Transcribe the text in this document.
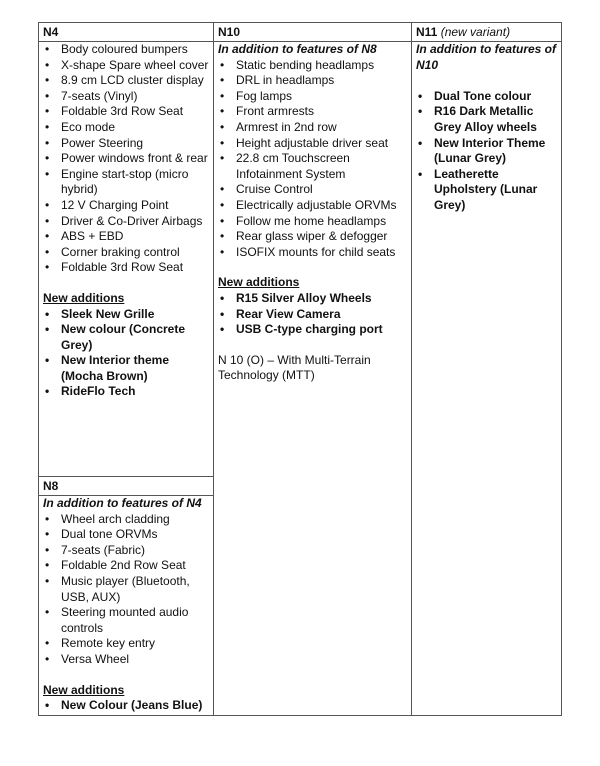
N4
• Body coloured bumpers
• X-shape Spare wheel cover
• 8.9 cm LCD cluster display
• 7-seats (Vinyl)
• Foldable 3rd Row Seat
• Eco mode
• Power Steering
• Power windows front & rear
• Engine start-stop (micro hybrid)
• 12 V Charging Point
• Driver & Co-Driver Airbags
• ABS + EBD
• Corner braking control
• Foldable 3rd Row Seat
New additions
• Sleek New Grille
• New colour (Concrete Grey)
• New Interior theme (Mocha Brown)
• RideFlo Tech
N8
In addition to features of N4
• Wheel arch cladding
• Dual tone ORVMs
• 7-seats (Fabric)
• Foldable 2nd Row Seat
• Music player (Bluetooth, USB, AUX)
• Steering mounted audio controls
• Remote key entry
• Versa Wheel
New additions
• New Colour (Jeans Blue)
N10
In addition to features of N8
• Static bending headlamps
• DRL in headlamps
• Fog lamps
• Front armrests
• Armrest in 2nd row
• Height adjustable driver seat
• 22.8 cm Touchscreen Infotainment System
• Cruise Control
• Electrically adjustable ORVMs
• Follow me home headlamps
• Rear glass wiper & defogger
• ISOFIX mounts for child seats
New additions
• R15 Silver Alloy Wheels
• Rear View Camera
• USB C-type charging port
N 10 (O) – With Multi-Terrain Technology (MTT)
N11 (new variant)
In addition to features of N10
• Dual Tone colour
• R16 Dark Metallic Grey Alloy wheels
• New Interior Theme (Lunar Grey)
• Leatherette Upholstery (Lunar Grey)
